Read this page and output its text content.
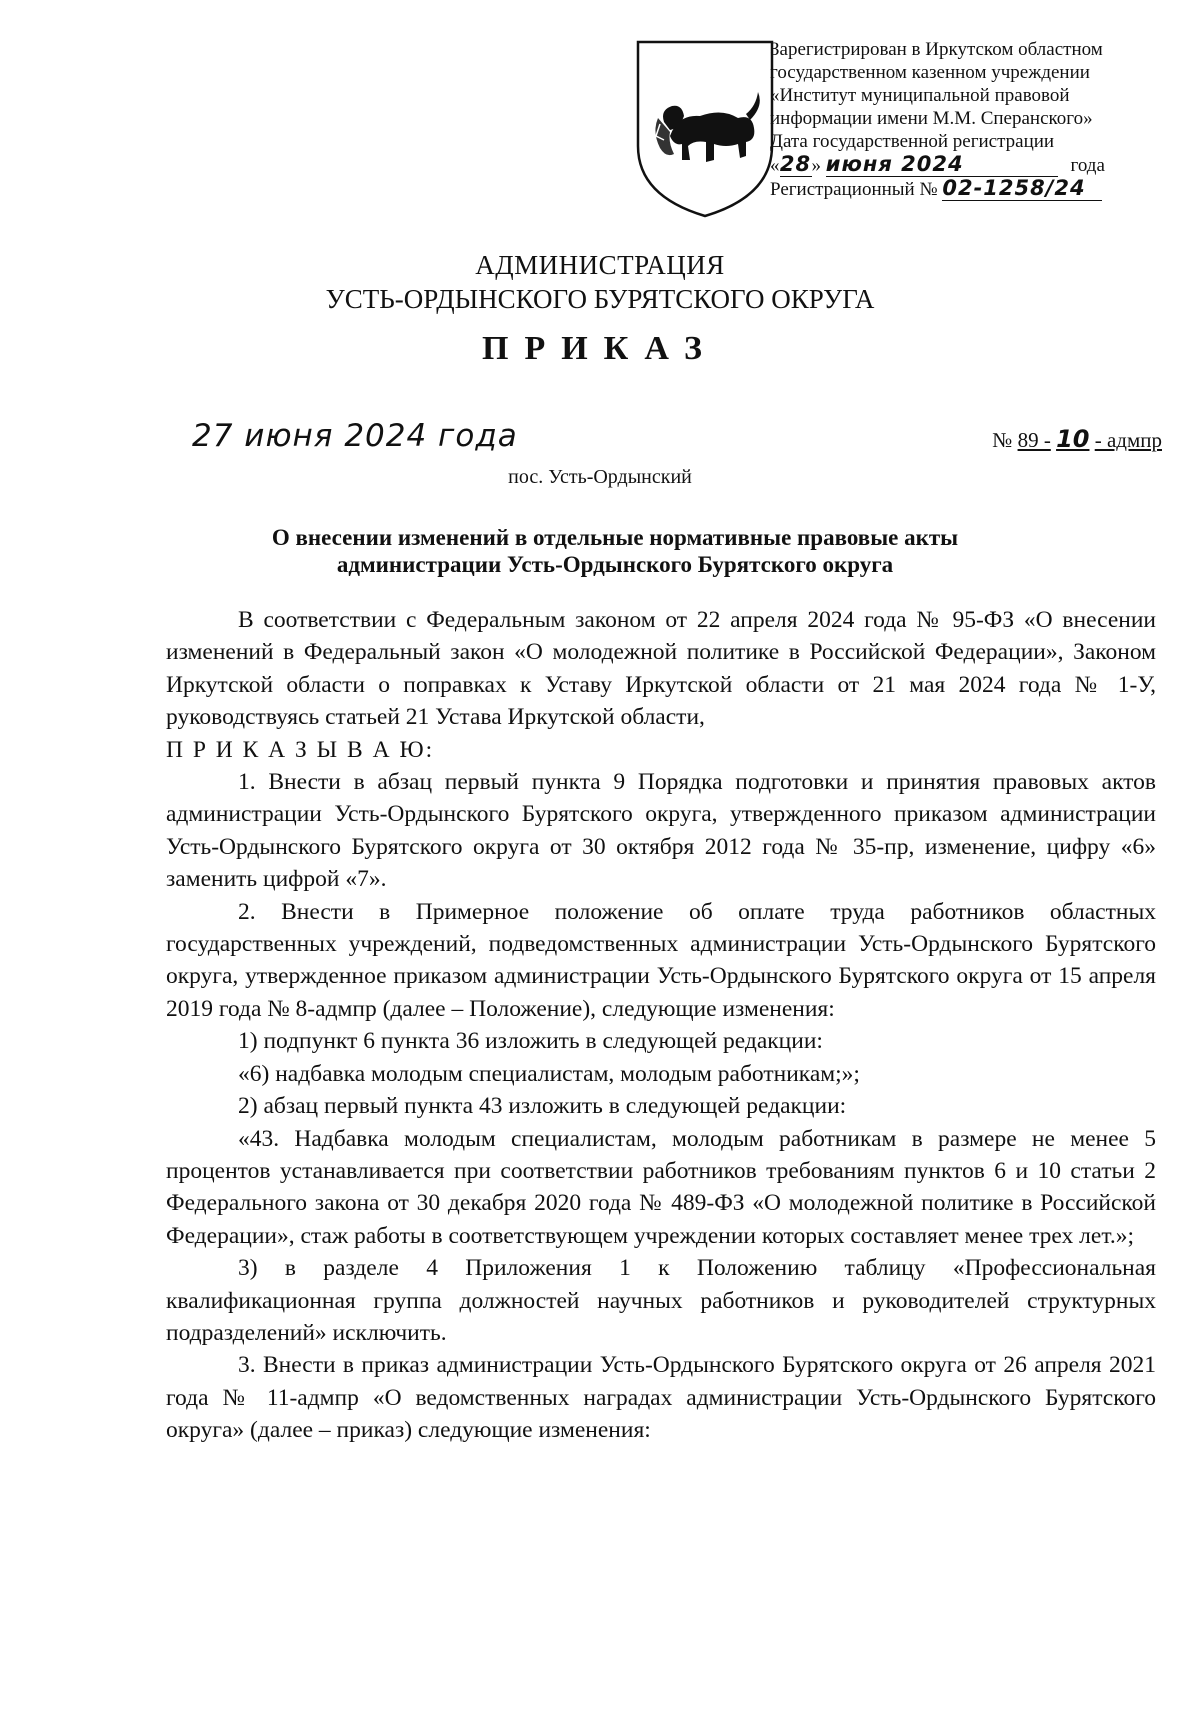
Зарегистрирован в Иркутском областном
государственном казенном учреждении
«Институт муниципальной правовой
информации имени М.М. Сперанского»
Дата государственной регистрации
«28» июня 2024	года
Регистрационный № 02-1258/24
АДМИНИСТРАЦИЯ
УСТЬ-ОРДЫНСКОГО БУРЯТСКОГО ОКРУГА
ПРИКАЗ
27 июня 2024 года	№ 89 - 10 - адмпр
пос. Усть-Ордынский
О внесении изменений в отдельные нормативные правовые акты
администрации Усть-Ордынского Бурятского округа

В соответствии с Федеральным законом от 22 апреля 2024 года № 95-ФЗ «О внесении изменений в Федеральный закон «О молодежной политике в Российской Федерации», Законом Иркутской области о поправках к Уставу Иркутской области от 21 мая 2024 года № 1-У, руководствуясь статьей 21 Устава Иркутской области,

П Р И К А З Ы В А Ю:

1. Внести в абзац первый пункта 9 Порядка подготовки и принятия правовых актов администрации Усть-Ордынского Бурятского округа, утвержденного приказом администрации Усть-Ордынского Бурятского округа от 30 октября 2012 года № 35-пр, изменение, цифру «6» заменить цифрой «7».

2. Внести в Примерное положение об оплате труда работников областных государственных учреждений, подведомственных администрации Усть-Ордынского Бурятского округа, утвержденное приказом администрации Усть-Ордынского Бурятского округа от 15 апреля 2019 года № 8-адмпр (далее – Положение), следующие изменения:

1) подпункт 6 пункта 36 изложить в следующей редакции:

«6) надбавка молодым специалистам, молодым работникам;»;

2) абзац первый пункта 43 изложить в следующей редакции:

«43. Надбавка молодым специалистам, молодым работникам в размере не менее 5 процентов устанавливается при соответствии работников требованиям пунктов 6 и 10 статьи 2 Федерального закона от 30 декабря 2020 года № 489-ФЗ «О молодежной политике в Российской Федерации», стаж работы в соответствующем учреждении которых составляет менее трех лет.»;

3) в разделе 4 Приложения 1 к Положению таблицу «Профессиональная квалификационная группа должностей научных работников и руководителей структурных подразделений» исключить.

3. Внести в приказ администрации Усть-Ордынского Бурятского округа от 26 апреля 2021 года № 11-адмпр «О ведомственных наградах администрации Усть-Ордынского Бурятского округа» (далее – приказ) следующие изменения:
